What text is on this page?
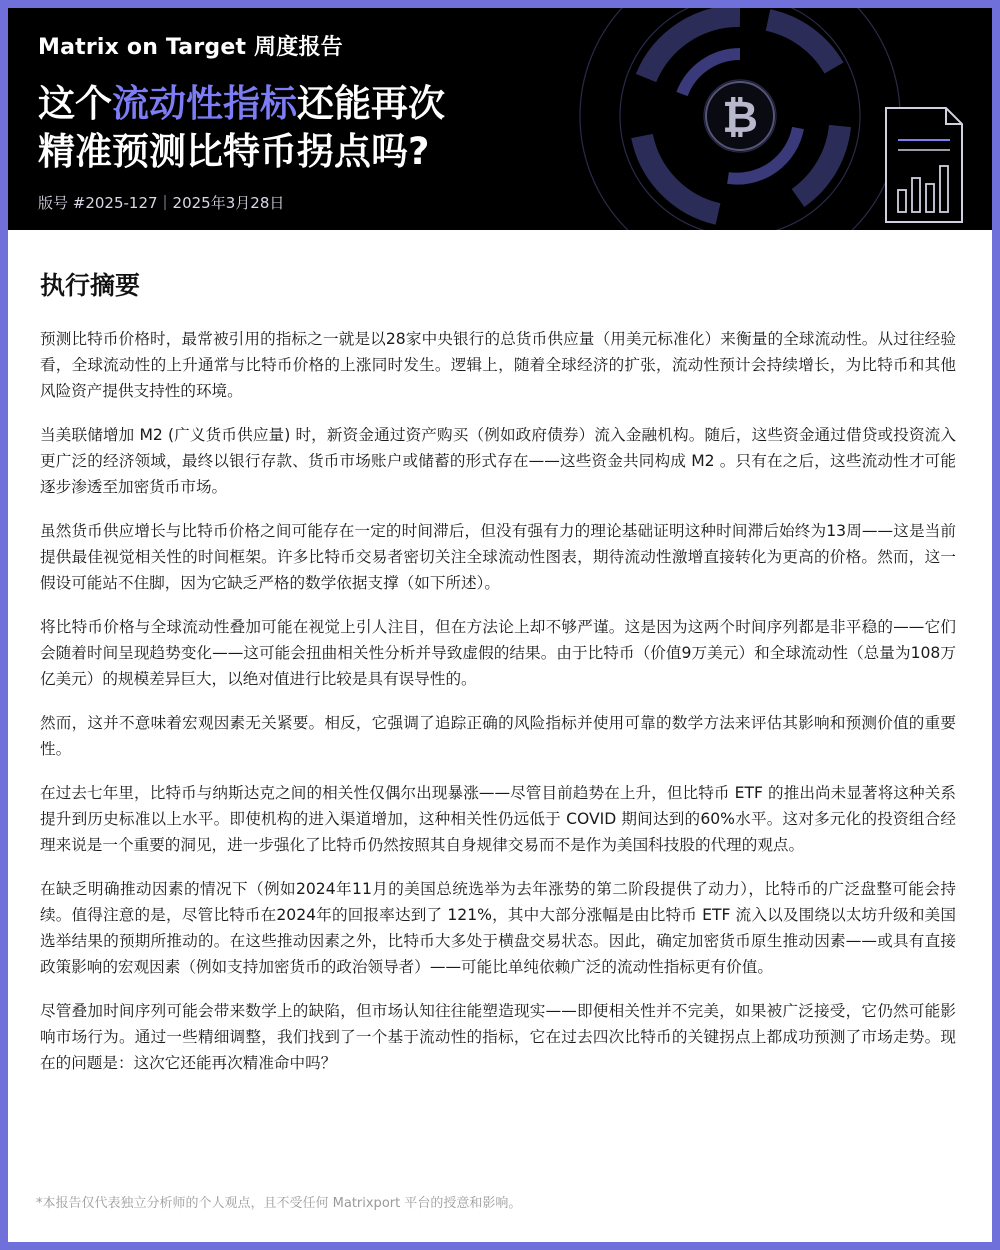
Matrix on Target 周度报告
这个流动性指标还能再次
精准预测比特币拐点吗?
版号 #2025-127｜2025年3月28日
₿
执行摘要

预测比特币价格时，最常被引用的指标之一就是以28家中央银行的总货币供应量（用美元标准化）来衡量的全球流动性。从过往经验看，全球流动性的上升通常与比特币价格的上涨同时发生。逻辑上，随着全球经济的扩张，流动性预计会持续增长，为比特币和其他风险资产提供支持性的环境。

当美联储增加 M2 (广义货币供应量) 时，新资金通过资产购买（例如政府债券）流入金融机构。随后，这些资金通过借贷或投资流入更广泛的经济领域，最终以银行存款、货币市场账户或储蓄的形式存在——这些资金共同构成 M2 。只有在之后，这些流动性才可能逐步渗透至加密货币市场。

虽然货币供应增长与比特币价格之间可能存在一定的时间滞后，但没有强有力的理论基础证明这种时间滞后始终为13周——这是当前提供最佳视觉相关性的时间框架。许多比特币交易者密切关注全球流动性图表，期待流动性激增直接转化为更高的价格。然而，这一假设可能站不住脚，因为它缺乏严格的数学依据支撑（如下所述）。

将比特币价格与全球流动性叠加可能在视觉上引人注目，但在方法论上却不够严谨。这是因为这两个时间序列都是非平稳的——它们会随着时间呈现趋势变化——这可能会扭曲相关性分析并导致虚假的结果。由于比特币（价值9万美元）和全球流动性（总量为108万亿美元）的规模差异巨大，以绝对值进行比较是具有误导性的。

然而，这并不意味着宏观因素无关紧要。相反，它强调了追踪正确的风险指标并使用可靠的数学方法来评估其影响和预测价值的重要性。

在过去七年里，比特币与纳斯达克之间的相关性仅偶尔出现暴涨——尽管目前趋势在上升，但比特币 ETF 的推出尚未显著将这种关系提升到历史标准以上水平。即使机构的进入渠道增加，这种相关性仍远低于 COVID 期间达到的60%水平。这对多元化的投资组合经理来说是一个重要的洞见，进一步强化了比特币仍然按照其自身规律交易而不是作为美国科技股的代理的观点。

在缺乏明确推动因素的情况下（例如2024年11月的美国总统选举为去年涨势的第二阶段提供了动力），比特币的广泛盘整可能会持续。值得注意的是，尽管比特币在2024年的回报率达到了 121%，其中大部分涨幅是由比特币 ETF 流入以及围绕以太坊升级和美国选举结果的预期所推动的。在这些推动因素之外，比特币大多处于横盘交易状态。因此，确定加密货币原生推动因素——或具有直接政策影响的宏观因素（例如支持加密货币的政治领导者）——可能比单纯依赖广泛的流动性指标更有价值。

尽管叠加时间序列可能会带来数学上的缺陷，但市场认知往往能塑造现实——即便相关性并不完美，如果被广泛接受，它仍然可能影响市场行为。通过一些精细调整，我们找到了一个基于流动性的指标，它在过去四次比特币的关键拐点上都成功预测了市场走势。现在的问题是：这次它还能再次精准命中吗？

*本报告仅代表独立分析师的个人观点，且不受任何 Matrixport 平台的授意和影响。
